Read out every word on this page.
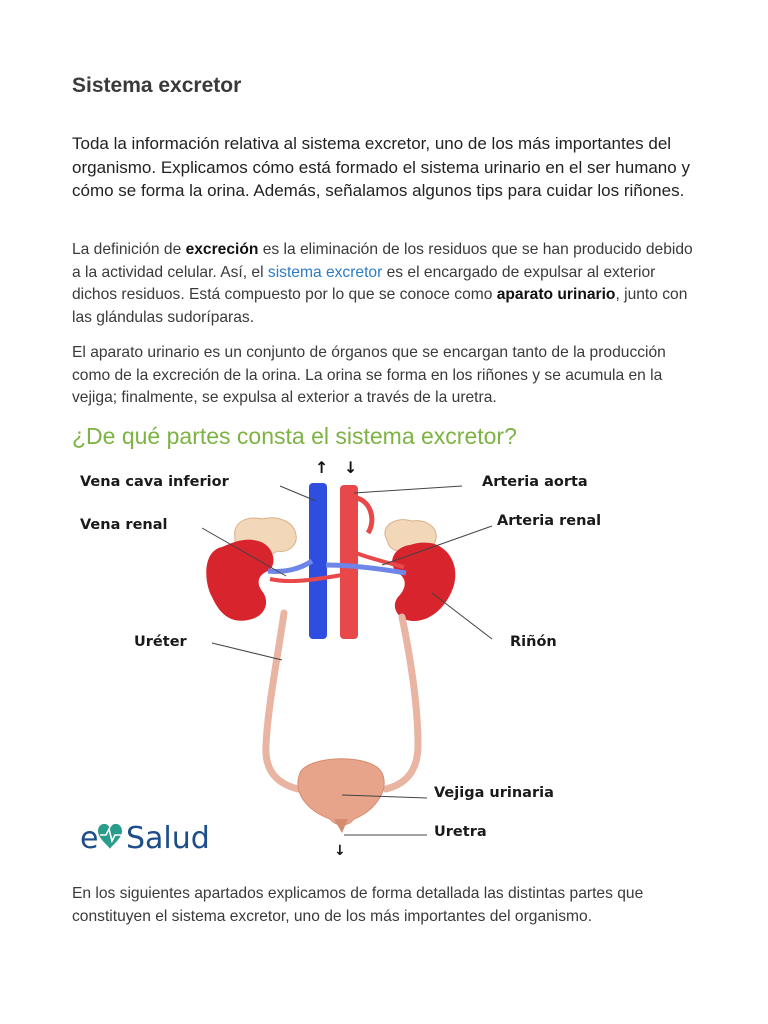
Sistema excretor

Toda la información relativa al sistema excretor, uno de los más importantes del organismo. Explicamos cómo está formado el sistema urinario en el ser humano y cómo se forma la orina. Además, señalamos algunos tips para cuidar los riñones.

La definición de excreción es la eliminación de los residuos que se han producido debido a la actividad celular. Así, el sistema excretor es el encargado de expulsar al exterior dichos residuos. Está compuesto por lo que se conoce como aparato urinario, junto con las glándulas sudoríparas.

El aparato urinario es un conjunto de órganos que se encargan tanto de la producción como de la excreción de la orina. La orina se forma en los riñones y se acumula en la vejiga; finalmente, se expulsa al exterior a través de la uretra.

¿De qué partes consta el sistema excretor?

En los siguientes apartados explicamos de forma detallada las distintas partes que constituyen el sistema excretor, uno de los más importantes del organismo.

↑ ↓
↓
Vena cava inferior	Arteria aorta
Vena renal	Arteria renal
Uréter	Riñón
Vejiga urinaria
Uretra
e Salud
